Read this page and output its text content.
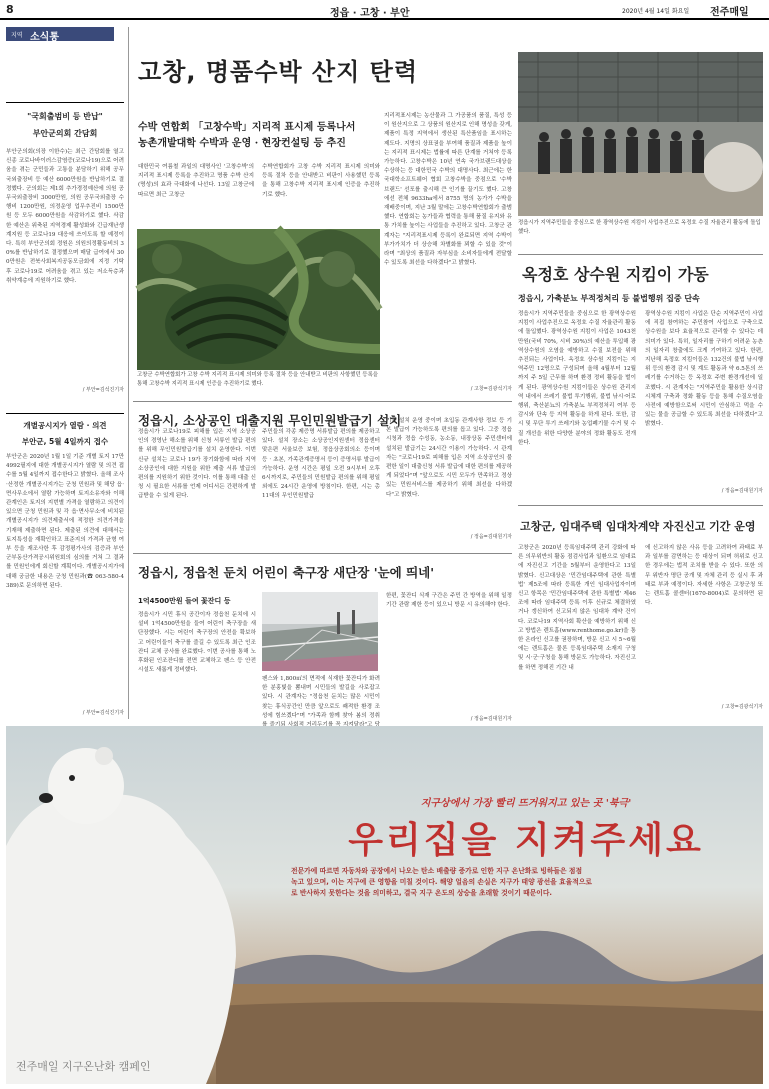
8	정읍 · 고창 · 부안	2020년 4월 14일 화요일 전주매일
지역 소식통
"국회출범비 등 반납"
부안군의회 간담회

부안군의회(의장 이한수)는 최근 간담회를 열고 신종 코로나바이러스감염증(코로나19)으로 어려움을 겪는 군민들과 고통을 분담하기 위해 공무국외출장비 등 예산 6000만원을 반납하기로 결정했다. 군의회는 제1회 추가경정예산에 의원 공무국외출장비 3000만원, 의원 공무국외출장 수행비 1200만원, 의정운영 업무추진비 1500만원 등 모두 6000만원을 삭감하기로 했다. 삭감한 예산은 위축된 지역경제 활성화와 긴급재난생계지원 등 코로나19 대응에 쓰이도록 할 예정이다. 특히 부안군의회 정원은 의원의정활동비의 30%를 반납하기로 결정했으며 매달 급여에서 300만원은 전북사회복지공동모금회에 지정 기탁 후 코로나19로 어려움을 겪고 있는 저소득층과 취약계층에 지원하기로 했다.

/ 부안=김석진기자
개별공시지가 열람 · 의견
부안군, 5월 4일까지 접수

부안군은 2020년 1월 1일 기준 개별 토지 17만 4992필지에 대한 개별공시지가 열람 및 의견 접수를 5월 4일까지 접수한다고 밝혔다. 올해 조사·산정한 개별공시지가는 군청 민원과 및 해당 읍·면사무소에서 열람 가능하며 토지소유자와 이해관계인은 토지의 지번별 가격을 열람하고 의견이 있으면 군청 민원과 및 각 읍·면사무소에 비치된 개별공시지가 의견제출서에 적정한 의견가격을 기재해 제출하면 된다. 제출된 의견에 대해서는 토지특성을 재확인하고 표준지의 가격과 균형 여부 등을 재조사한 후 감정평가사의 검증과 부안군부동산가격공시위원회의 심의를 거쳐 그 결과를 민원인에게 회신할 계획이다. 개별공시지가에 대해 궁금한 내용은 군청 민원과(☎ 063-580-4389)로 문의하면 된다.

/ 부안=김석진기자
고창, 명품수박 산지 탄력
수박 연합회 「고창수박」지리적 표시제 등록나서
농촌개발대학 수박과 운영 · 현장컨설팅 등 추진

대한민국 여름철 과일의 대명사인 '고창수박'의 지리적 표시제 등록을 추진하고 명품 수박 산지(명성)의 효과 극대화에 나선다. 13일 고창군에 따르면 최근 고창군

수박연합회가 고창 수박 지리적 표시제 의미와 등록 절차 등을 안내받고 비판이 사용했던 등록을 통해 고창수박 지리적 표시제 인증을 추진하기로 했다.

지리적표시제는 농산물과 그 가공품의 품질, 특성 등이 원산지으로 그 상품의 원산지로 인해 명성을 갖게, 제품이 특정 지역에서 생산된 특산품임을 표시하는 제도다. 지명의 상표권을 부여해 품질과 제품을 높이는 지리적 표시제는 법률에 따른 단계를 거쳐야 등록 가능하다. 고창수박은 10년 연속 국가브랜드대상을 수상하는 등 대한민국 수박의 대명사다. 최근에는 한국대학소프트웨어 협회 고창수박을 중점으로 '수박 브랜드' 선포를 출시해 큰 인기를 끌기도 했다. 고창에선 전체 9633ha에서 8755 명의 농가가 수박을 재배중이며, 지난 3월 말에는 고창수박연합회가 출범했다. 연합회는 농가들과 협력을 통해 품질 유지와 유통 가치를 높이는 사업들을 추진하고 있다. 고창군 관계자는 "지리적표시제 등록이 완료되면 지역 수박이 부가가치가 더 상승해 차별화를 꾀할 수 있을 것"이라며 "최상의 품질과 자부심을 소비자들에게 전달할 수 있도록 최선을 다하겠다"고 밝혔다.

/ 고창=김광석기자

고창군 수박연합회가 고창 수박 지리적 표시제 의미와 등록 절차 등을 안내받고 비판의 사항했던 등록을 통해 고창수박 지리적 표시제 인증을 추진하기로 했다.

정읍시가 지역주민들을 중심으로 한 광역상수원 지킴이 사업추진으로 옥정호 수질 자율관리 활동에 돌입했다.

옥정호 상수원 지킴이 가동
정읍시, 가축분뇨 부적정처리 등 불법행위 집중 단속

정읍시가 지역주민들을 중심으로 한 광역상수원 지킴이 사업추진으로 옥정호 수질 자율관리 활동에 돌입했다. 광역상수원 지킴이 사업은 1043천만원(국비 70%, 시비 30%)의 예산을 투입해 광역상수원의 오염을 예방하고 수질 보전을 위해 추진되는 사업이다. 옥정호 상수원 지킴이는 지역주민 12명으로 구성되며 올해 4월부터 12월까지 주 5일 근무를 하며 환경 정비 활동을 벌이게 된다. 광역상수원 지킴이들은 상수원 관리지역 내에서 쓰레기 불법 투기행위, 불법 낚시·어로행위, 축산분뇨의 가축분뇨 부적정처리 여부 등 감시와 단속 등 지역 활동을 하게 된다. 또한, 감시 및 무단 투기 쓰레기와 농업폐기물 수거 및 수질 개선을 위한 다양한 분야의 정화 활동도 전개한다.

광역상수원 지킴이 사업은 단순 지역주민이 사업에 직접 참여하는 주민참여 사업으로 구축으로 상수원을 보다 효율적으로 관리할 수 있다는 데 의미가 있다. 특히, 일자리를 구하기 어려운 농촌의 일자리 창출에도 크게 기여하고 있다. 한편, 지난해 옥정호 지킴이들은 132건의 불법 낚시행위 등의 환경 감시 및 계도 활동과 약 6.5톤의 쓰레기를 수거하는 등 옥정호 주변 환경개선에 일조했다. 시 관계자는 "지역주민을 활용한 상시감시체계 구축과 정화 활동 등을 통해 수질오염을 사전에 예방함으로써 시민이 안심하고 먹을 수 있는 물을 공급할 수 있도록 최선을 다하겠다"고 밝혔다.

/ 정읍=김대원기자
정읍시, 소상공인 대출지원 무인민원발급기 설치

정읍시가 코로나19로 피해를 입은 지역 소상공인의 경영난 해소를 위해 신청 서류인 발급 편의를 위해 무인민원발급기를 설치 운영한다. 이번 신규 설치는 코로나 19가 장기화함에 따라 지역 소상공인에 대한 지원을 위한 제출 서류 발급의 편의를 지원하기 위한 것이다. 이를 통해 대출 신청 시 필요한 서류를 언제 어디서든 간편하게 발급받을 수 있게 된다.

주민들의 각종 제증명 서류발급 편의를 제공하고 있다. 설치 장소는 소상공인지원센터 정읍센터 맞은편 서울보증 보험, 정읍상공회의소 등이며 등 · 초본, 가족관계증명서 등이 증명서류 발급이 가능하다. 운영 시간은 평일 오전 9시부터 오후 6시까지로, 주민들의 민원발급 편의를 위해 평일 외에도 24시간 운영에 방침이다. 한편, 시는 총 11대의 무인민원발급

기를 설치 운영 중이며 초입동 관계사항 정보 등 기본 발급이 가능하도록 편의를 돕고 있다. 그중 정읍시청과 정읍 수성동, 농소동, 내장상동 주민센터에 설치된 발급기는 24시간 이용이 가능하다. 시 관계자는 "코로나19로 피해를 입은 지역 소상공인의 불편한 일이 대출신청 서류 발급에 대한 편의를 제공하게 되었다"며 "앞으로도 시민 모두가 만족하고 정상 있는 민원서비스를 제공하기 위해 최선을 다하겠다"고 밝혔다.

/ 정읍=김대원기자
고창군, 임대주택 임대차계약 자진신고 기간 운영

고창군은 2020년 등록임대주택 관리 강화에 따른 의무위반의 활동 점검사업과 일환으로 임대료에 자진신고 기간을 5월부터 운영한다고 13일 밝혔다. 신고대상은 '민간임대주택에 관한 특별법' 제5조에 따라 등록한 개인 임대사업자이며 신고 항목은 '민간임대주택에 관한 특별법' 제46조에 따라 임대주택 등록 이후 신규로 체결하였거나 갱신하여 신고되지 않은 임대차 계약 건이다. 코로나19 지역사회 확산을 예방하기 위해 신고 방법은 렌트홈(www.renthome.go.kr)을 통한 온라인 신고를 권장하며, 방문 신고 시 5~6월에는 렌트홈은 물론 등록임대주택 소재지 구청 및 시·군·구청을 통해 방문도 가능하다. 자진신고를 하면 정해진 기간 내

에 신고하지 않은 사유 등을 고려하여 과태료 부과 일부를 감면하는 등 대상이 되며 허위로 신고한 경우에는 법적 조치를 받을 수 있다. 또한 의무 위반자 명단 공개 및 자체 관리 등 실시 후 과태료 부과 예정이다. 자세한 사항은 고창군청 또는 렌트홈 콜센터(1670-8004)로 문의하면 된다.

/ 고창=김광석기자
정읍시, 정읍천 둔치 어린이 축구장 새단장 '눈에 띄네'
1억4500만원 들여 꽃잔디 등

정읍시가 시민 휴식 공간이자 정읍천 둔치에 시설비 1억4500만원을 들여 어린이 축구장을 새단장했다. 시는 어린이 축구장의 안전을 확보하고 어린이들이 축구를 즐길 수 있도록 최근 인조잔디 교체 공사를 완료했다. 이번 공사를 통해 노후화된 인조잔디를 전면 교체하고 펜스 등 안전시설도 새롭게 정비했다.

펜스와 1,800㎡의 면적에 식재한 꽃잔디가 화려한 분홍빛을 뽐내며 시민들의 발길을 사로잡고 있다. 시 관계자는 "정읍천 둔치는 많은 시민이 찾는 휴식공간인 만큼 앞으로도 쾌적한 환경 조성에 힘쓰겠다"며 "가족과 함께 찾아 봄의 정취

한편, 꽃잔디 식재 구간은 주민 간 방역을 위해 일정 기간 관람 제한 등이 있으니 방문 시 유의해야 한다.

/ 정읍=김대원기자
지구상에서 가장 빨리 뜨거워지고 있는 곳 '북극'
우리집을 지켜주세요
전문가에 따르면 자동차와 공장에서 나오는 탄소 배출량 증가로 인한 지구 온난화로 빙하들은 점점
녹고 있으며, 이는 지구에 큰 영향을 미칠 것이다. 해양 얼음의 손실은 지구가 태양 광선을 효율적으로
로 반사하지 못한다는 것을 의미하고, 결국 지구 온도의 상승을 초래할 것이기 때문이다.
전주매일 지구온난화 캠페인
